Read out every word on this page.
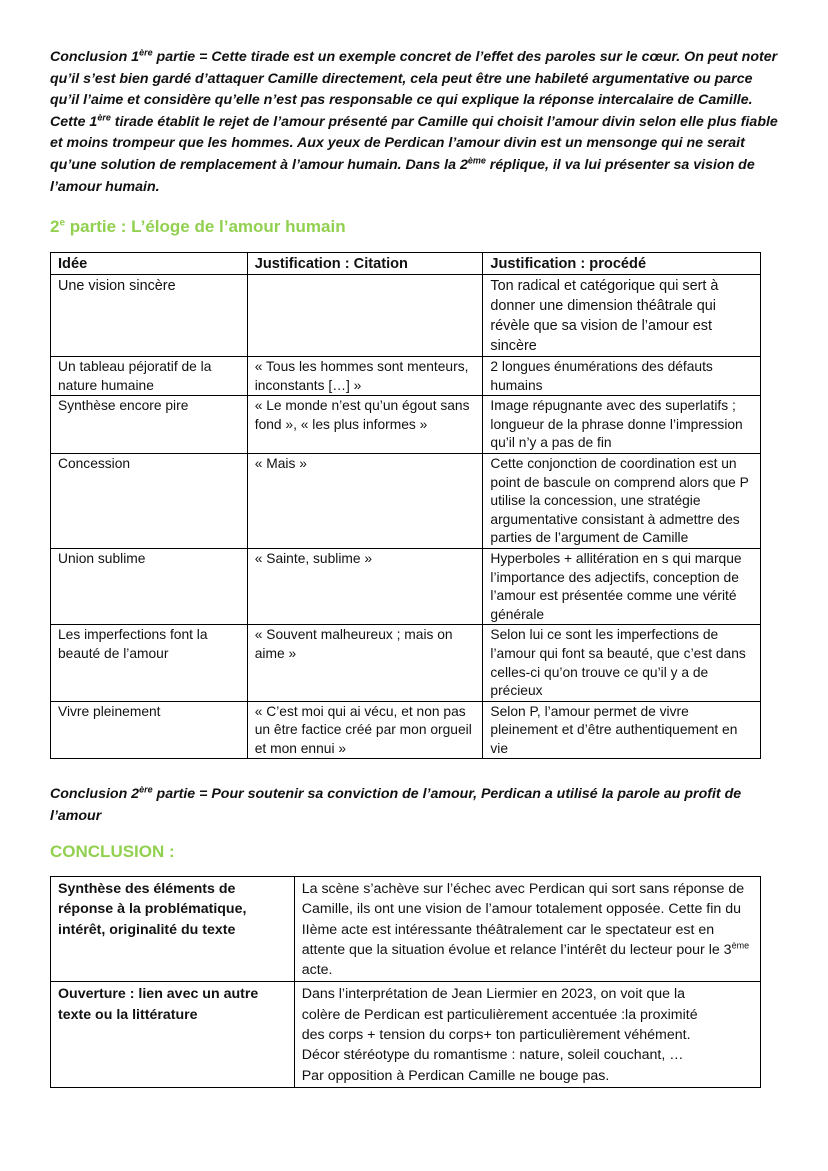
Conclusion 1ère partie = Cette tirade est un exemple concret de l’effet des paroles sur le cœur. On peut noter qu’il s’est bien gardé d’attaquer Camille directement, cela peut être une habileté argumentative ou parce qu’il l’aime et considère qu’elle n’est pas responsable ce qui explique la réponse intercalaire de Camille. Cette 1ère tirade établit le rejet de l’amour présenté par Camille qui choisit l’amour divin selon elle plus fiable et moins trompeur que les hommes. Aux yeux de Perdican l’amour divin est un mensonge qui ne serait qu’une solution de remplacement à l’amour humain. Dans la 2ème réplique, il va lui présenter sa vision de l’amour humain.

2e partie : L’éloge de l’amour humain
Idée	Justification : Citation	Justification : procédé
Une vision sincère		Ton radical et catégorique qui sert à donner une dimension théâtrale qui révèle que sa vision de l’amour est sincère
Un tableau péjoratif de la nature humaine	« Tous les hommes sont menteurs, inconstants […] »	2 longues énumérations des défauts humains
Synthèse encore pire	« Le monde n’est qu’un égout sans fond », « les plus informes »	Image répugnante avec des superlatifs ; longueur de la phrase donne l’impression qu’il n’y a pas de fin
Concession	« Mais »	Cette conjonction de coordination est un point de bascule on comprend alors que P utilise la concession, une stratégie argumentative consistant à admettre des parties de l’argument de Camille
Union sublime	« Sainte, sublime »	Hyperboles + allitération en s qui marque l’importance des adjectifs, conception de l’amour est présentée comme une vérité générale
Les imperfections font la beauté de l’amour	« Souvent malheureux ; mais on aime »	Selon lui ce sont les imperfections de l’amour qui font sa beauté, que c’est dans celles-ci qu’on trouve ce qu’il y a de précieux
Vivre pleinement	« C’est moi qui ai vécu, et non pas un être factice créé par mon orgueil et mon ennui »	Selon P, l’amour permet de vivre pleinement et d’être authentiquement en vie

Conclusion 2ère partie = Pour soutenir sa conviction de l’amour, Perdican a utilisé la parole au profit de l’amour

CONCLUSION :
Synthèse des éléments de réponse à la problématique, intérêt, originalité du texte	La scène s’achève sur l’échec avec Perdican qui sort sans réponse de Camille, ils ont une vision de l’amour totalement opposée. Cette fin du IIème acte est intéressante théâtralement car le spectateur est en attente que la situation évolue et relance l’intérêt du lecteur pour le 3ème acte.
Ouverture : lien avec un autre texte ou la littérature	Dans l’interprétation de Jean Liermier en 2023, on voit que la
colère de Perdican est particulièrement accentuée :la proximité
des corps + tension du corps+ ton particulièrement véhément.
Décor stéréotype du romantisme : nature, soleil couchant, …
Par opposition à Perdican Camille ne bouge pas.
